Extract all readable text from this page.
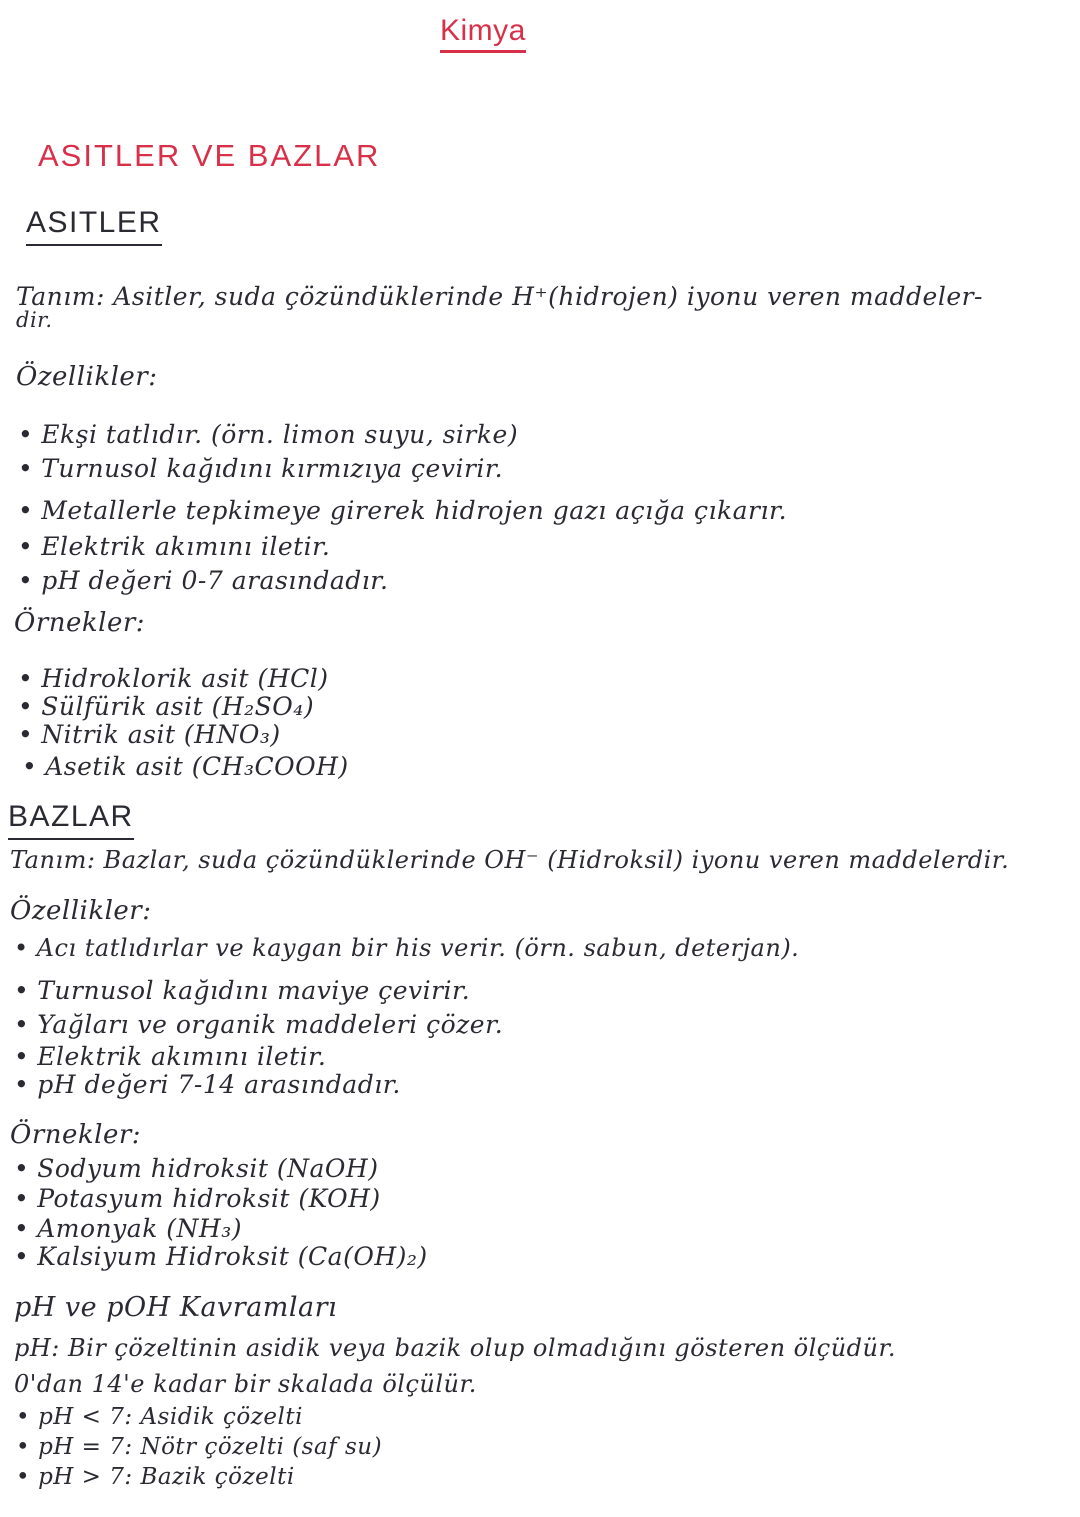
Kimya
ASITLER VE BAZLAR
ASITLER
Tanım: Asitler, suda çözündüklerinde H⁺(hidrojen) iyonu veren maddeler-
dir.
Özellikler:
• Ekşi tatlıdır. (örn. limon suyu, sirke)
• Turnusol kağıdını kırmızıya çevirir.
• Metallerle tepkimeye girerek hidrojen gazı açığa çıkarır.
• Elektrik akımını iletir.
• pH değeri 0-7 arasındadır.
Örnekler:
• Hidroklorik asit (HCl)
• Sülfürik asit (H₂SO₄)
• Nitrik asit (HNO₃)
• Asetik asit (CH₃COOH)
BAZLAR
Tanım: Bazlar, suda çözündüklerinde OH⁻ (Hidroksil) iyonu veren maddelerdir.
Özellikler:
• Acı tatlıdırlar ve kaygan bir his verir. (örn. sabun, deterjan).
• Turnusol kağıdını maviye çevirir.
• Yağları ve organik maddeleri çözer.
• Elektrik akımını iletir.
• pH değeri 7-14 arasındadır.
Örnekler:
• Sodyum hidroksit (NaOH)
• Potasyum hidroksit (KOH)
• Amonyak (NH₃)
• Kalsiyum Hidroksit (Ca(OH)₂)
pH ve pOH Kavramları
pH: Bir çözeltinin asidik veya bazik olup olmadığını gösteren ölçüdür.
0'dan 14'e kadar bir skalada ölçülür.
• pH < 7: Asidik çözelti
• pH = 7: Nötr çözelti (saf su)
• pH > 7: Bazik çözelti
